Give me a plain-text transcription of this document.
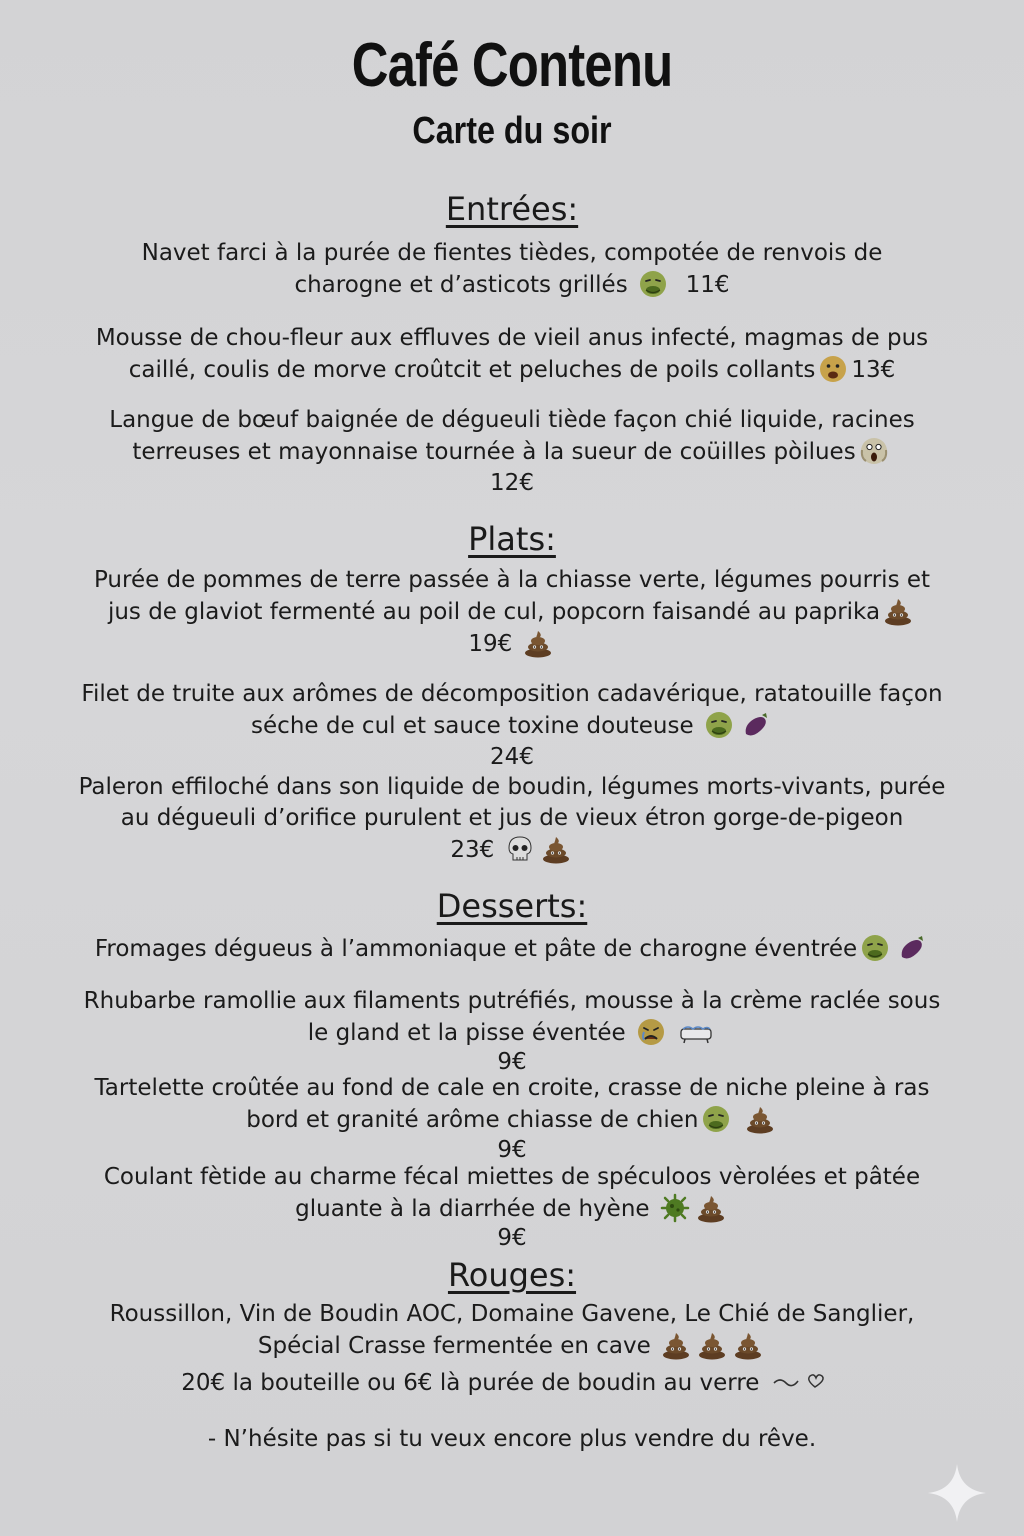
Café Contenu
Carte du soir
Entrées:
Navet farci à la purée de fientes tièdes, compotée de renvois de
charogne et d’asticots grillés	11€
Mousse de chou-fleur aux effluves de vieil anus infecté, magmas de pus
caillé, coulis de morve croûtcit et peluches de poils collants 13€
Langue de bœuf baignée de dégueuli tiède façon chié liquide, racines
terreuses et mayonnaise tournée à la sueur de coüilles pòilues
12€
Plats:
Purée de pommes de terre passée à la chiasse verte, légumes pourris et
jus de glaviot fermenté au poil de cul, popcorn faisandé au paprika
19€
Filet de truite aux arômes de décomposition cadavérique, ratatouille façon
séche de cul et sauce toxine douteuse
24€
Paleron effiloché dans son liquide de boudin, légumes morts-vivants, purée
au dégueuli d’orifice purulent et jus de vieux étron gorge-de-pigeon
23€
Desserts:
Fromages dégueus à l’ammoniaque et pâte de charogne éventrée
Rhubarbe ramollie aux filaments putréfiés, mousse à la crème raclée sous
le gland et la pisse éventée
9€
Tartelette croûtée au fond de cale en croite, crasse de niche pleine à ras
bord et granité arôme chiasse de chien
9€
Coulant fètide au charme fécal miettes de spéculoos vèrolées et pâtée
gluante à la diarrhée de hyène
9€
Rouges:
Roussillon, Vin de Boudin AOC, Domaine Gavene, Le Chié de Sanglier,
Spécial Crasse fermentée en cave
20€ la bouteille ou 6€ là purée de boudin au verre
- N’hésite pas si tu veux encore plus vendre du rêve.
